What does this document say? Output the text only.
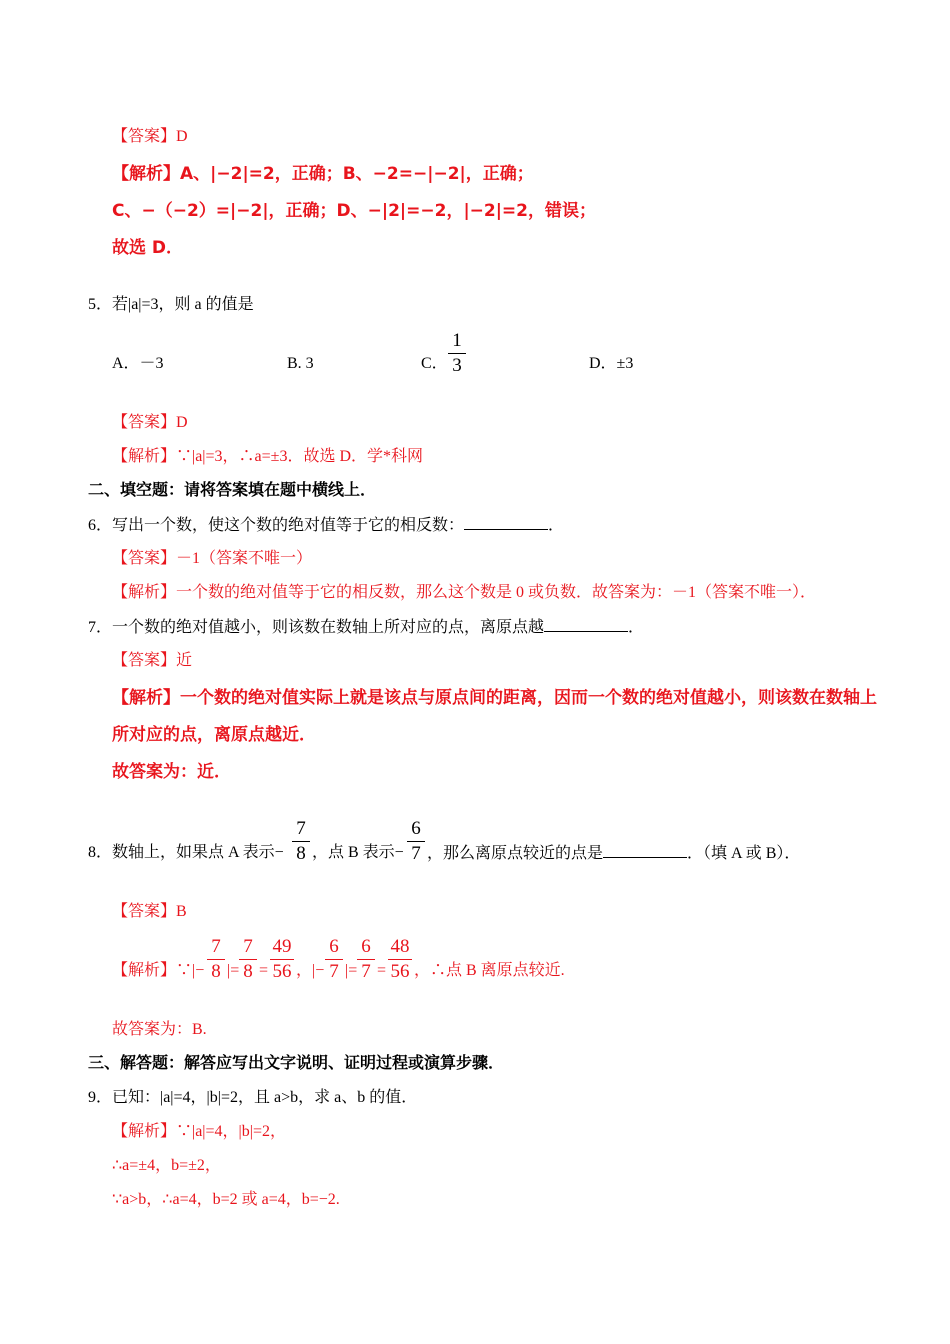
【答案】D
【解析】A、|−2|=2，正确；B、−2=−|−2|，正确；
C、−（−2）=|−2|，正确；D、−|2|=−2，|−2|=2，错误；
故选 D．
5．若|a|=3，则 a 的值是
A．－3	B. 3	C．
1
3	D．±3
【答案】D
【解析】∵|a|=3，∴a=±3．故选 D．学*科网
二、填空题：请将答案填在题中横线上．
6．写出一个数，使这个数的绝对值等于它的相反数：	．
【答案】－1（答案不唯一）
【解析】一个数的绝对值等于它的相反数，那么这个数是 0 或负数．故答案为：－1（答案不唯一）．
7．一个数的绝对值越小，则该数在数轴上所对应的点，离原点越	．
【答案】近
【解析】一个数的绝对值实际上就是该点与原点间的距离，因而一个数的绝对值越小，则该数在数轴上
所对应的点，离原点越近．
故答案为：近．
8．数轴上，如果点 A 表示−
7
8 ，点 B 表示−
6
7 ，那么离原点较近的点是	．（填 A 或 B）．
【答案】B
【解析】∵|−
7
8 |=
7
8 =
49
56 ，|−
6
7 |=
6
7 =
48
56 ，∴点 B 离原点较近.
故答案为：B.
三、解答题：解答应写出文字说明、证明过程或演算步骤．
9．已知：|a|=4，|b|=2，且 a>b，求 a、b 的值．
【解析】∵|a|=4，|b|=2，
∴a=±4，b=±2，
∵a>b，∴a=4，b=2 或 a=4，b=−2.
